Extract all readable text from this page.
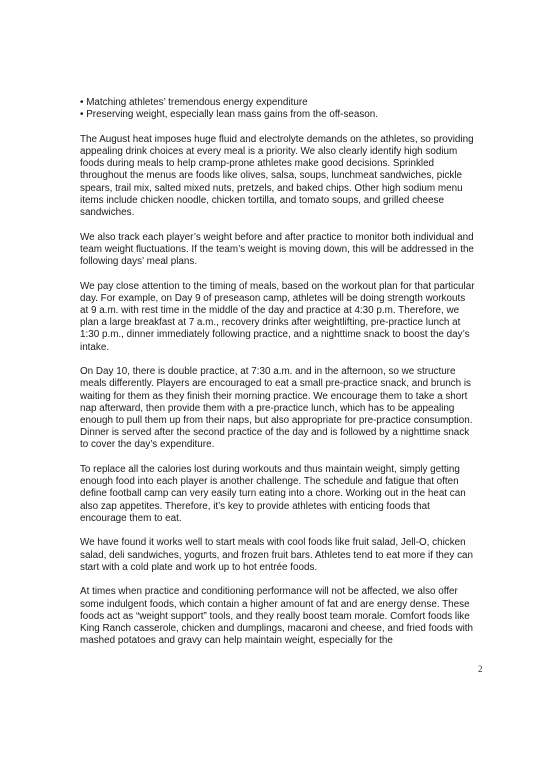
• Matching athletes’ tremendous energy expenditure
• Preserving weight, especially lean mass gains from the off-season.

The August heat imposes huge fluid and electrolyte demands on the athletes, so providing appealing drink choices at every meal is a priority. We also clearly identify high sodium foods during meals to help cramp-prone athletes make good decisions. Sprinkled throughout the menus are foods like olives, salsa, soups, lunchmeat sandwiches, pickle spears, trail mix, salted mixed nuts, pretzels, and baked chips. Other high sodium menu items include chicken noodle, chicken tortilla, and tomato soups, and grilled cheese sandwiches.

We also track each player’s weight before and after practice to monitor both individual and team weight fluctuations. If the team’s weight is moving down, this will be addressed in the following days’ meal plans.

We pay close attention to the timing of meals, based on the workout plan for that particular day. For example, on Day 9 of preseason camp, athletes will be doing strength workouts at 9 a.m. with rest time in the middle of the day and practice at 4:30 p.m. Therefore, we plan a large breakfast at 7 a.m., recovery drinks after weightlifting, pre-practice lunch at 1:30 p.m., dinner immediately following practice, and a nighttime snack to boost the day’s intake.

On Day 10, there is double practice, at 7:30 a.m. and in the afternoon, so we structure meals differently. Players are encouraged to eat a small pre-practice snack, and brunch is waiting for them as they finish their morning practice. We encourage them to take a short nap afterward, then provide them with a pre-practice lunch, which has to be appealing enough to pull them up from their naps, but also appropriate for pre-practice consumption. Dinner is served after the second practice of the day and is followed by a nighttime snack to cover the day’s expenditure.

To replace all the calories lost during workouts and thus maintain weight, simply getting enough food into each player is another challenge. The schedule and fatigue that often define football camp can very easily turn eating into a chore. Working out in the heat can also zap appetites. Therefore, it’s key to provide athletes with enticing foods that encourage them to eat.

We have found it works well to start meals with cool foods like fruit salad, Jell-O, chicken salad, deli sandwiches, yogurts, and frozen fruit bars. Athletes tend to eat more if they can start with a cold plate and work up to hot entrée foods.

At times when practice and conditioning performance will not be affected, we also offer some indulgent foods, which contain a higher amount of fat and are energy dense. These foods act as “weight support” tools, and they really boost team morale. Comfort foods like King Ranch casserole, chicken and dumplings, macaroni and cheese, and fried foods with mashed potatoes and gravy can help maintain weight, especially for the

2
